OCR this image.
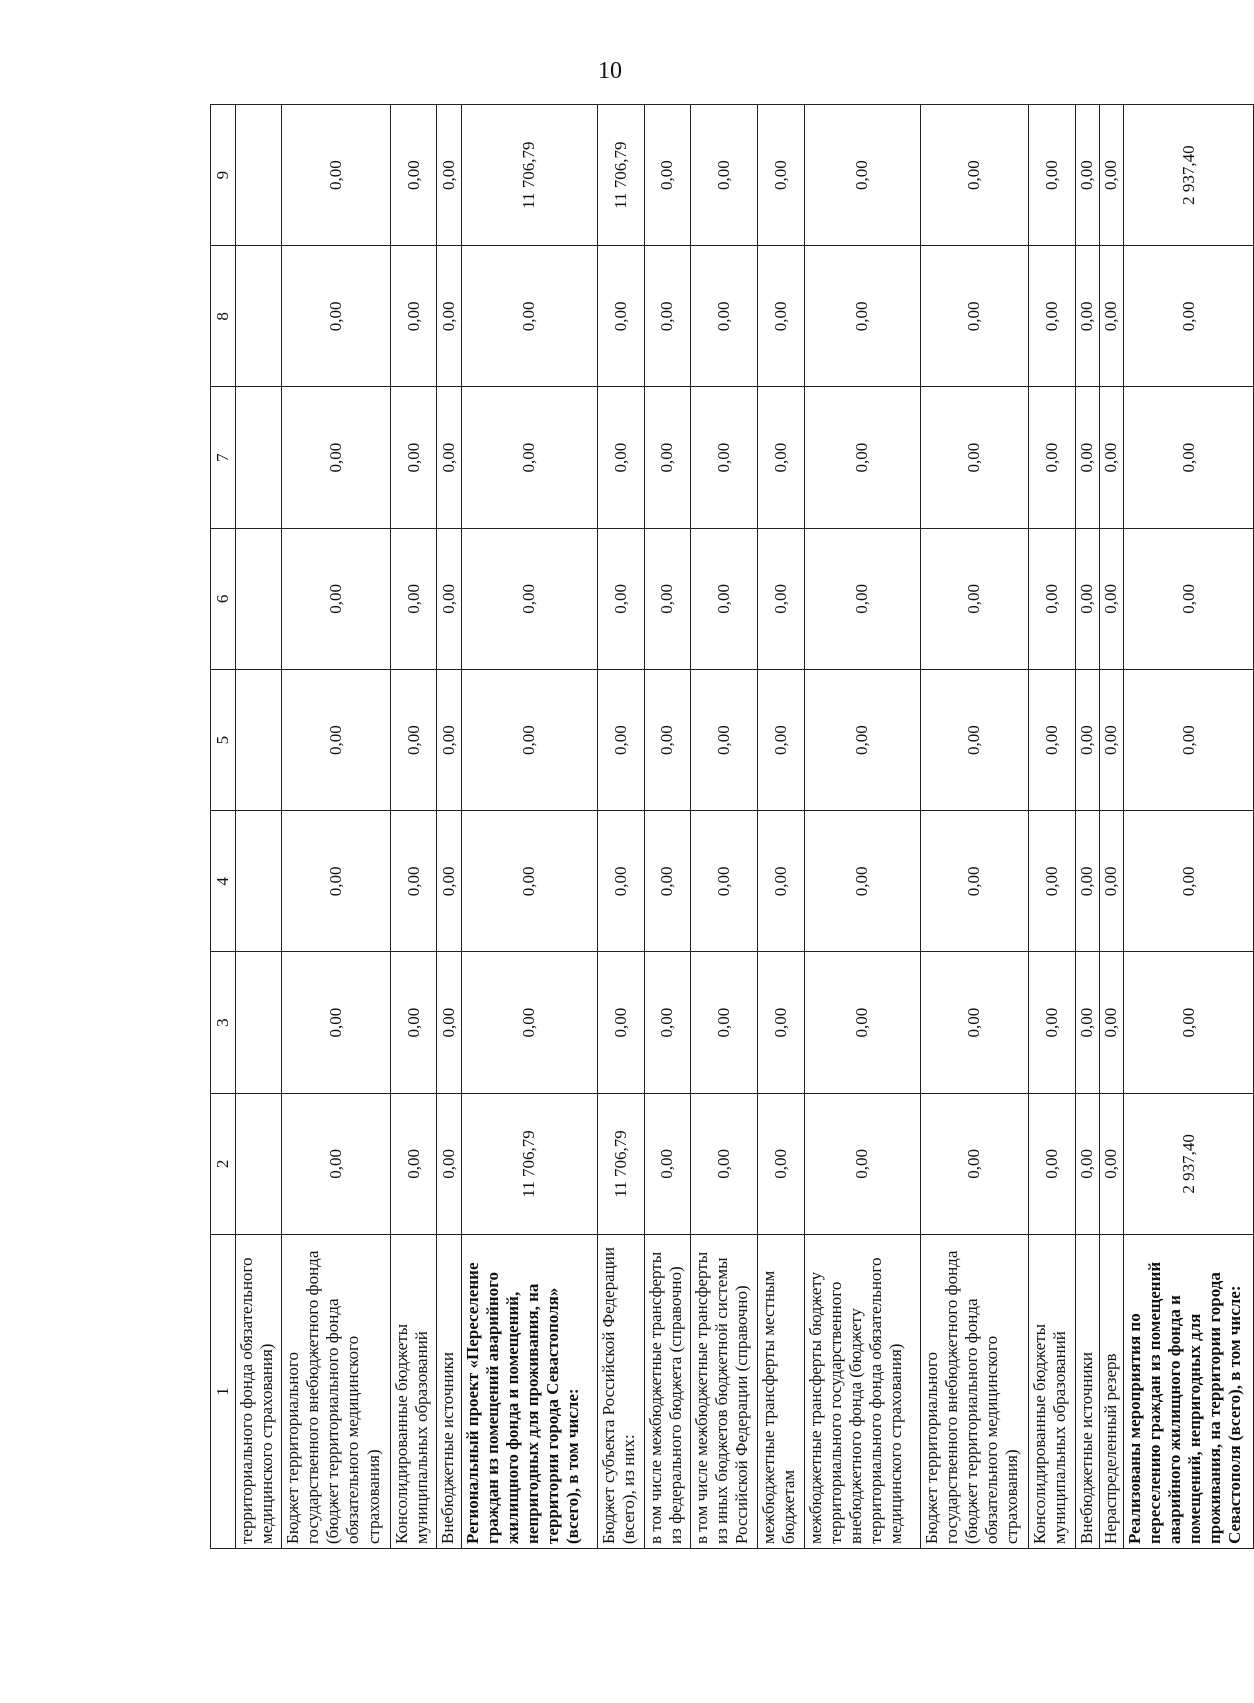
10
1	2	3	4	5	6	7	8	9
территориального фонда обязательного медицинского страхования)								
Бюджет территориального государственного внебюджетного фонда (бюджет территориального фонда обязательного медицинского страхования)	0,00	0,00	0,00	0,00	0,00	0,00	0,00	0,00
Консолидированные бюджеты муниципальных образований	0,00	0,00	0,00	0,00	0,00	0,00	0,00	0,00
Внебюджетные источники	0,00	0,00	0,00	0,00	0,00	0,00	0,00	0,00
Региональный проект «Переселение граждан из помещений аварийного жилищного фонда и помещений, непригодных для проживания, на территории города Севастополя» (всего), в том числе:	11 706,79	0,00	0,00	0,00	0,00	0,00	0,00	11 706,79
Бюджет субъекта Российской Федерации (всего), из них:	11 706,79	0,00	0,00	0,00	0,00	0,00	0,00	11 706,79
в том числе межбюджетные трансферты из федерального бюджета (справочно)	0,00	0,00	0,00	0,00	0,00	0,00	0,00	0,00
в том числе межбюджетные трансферты из иных бюджетов бюджетной системы Российской Федерации (справочно)	0,00	0,00	0,00	0,00	0,00	0,00	0,00	0,00
межбюджетные трансферты местным бюджетам	0,00	0,00	0,00	0,00	0,00	0,00	0,00	0,00
межбюджетные трансферты бюджету территориального государственного внебюджетного фонда (бюджету территориального фонда обязательного медицинского страхования)	0,00	0,00	0,00	0,00	0,00	0,00	0,00	0,00
Бюджет территориального государственного внебюджетного фонда (бюджет территориального фонда обязательного медицинского страхования)	0,00	0,00	0,00	0,00	0,00	0,00	0,00	0,00
Консолидированные бюджеты муниципальных образований	0,00	0,00	0,00	0,00	0,00	0,00	0,00	0,00
Внебюджетные источники	0,00	0,00	0,00	0,00	0,00	0,00	0,00	0,00
Нераспределенный резерв	0,00	0,00	0,00	0,00	0,00	0,00	0,00	0,00
Реализованы мероприятия по переселению граждан из помещений аварийного жилищного фонда и помещений, непригодных для проживания, на территории города Севастополя (всего), в том числе:	2 937,40	0,00	0,00	0,00	0,00	0,00	0,00	2 937,40
